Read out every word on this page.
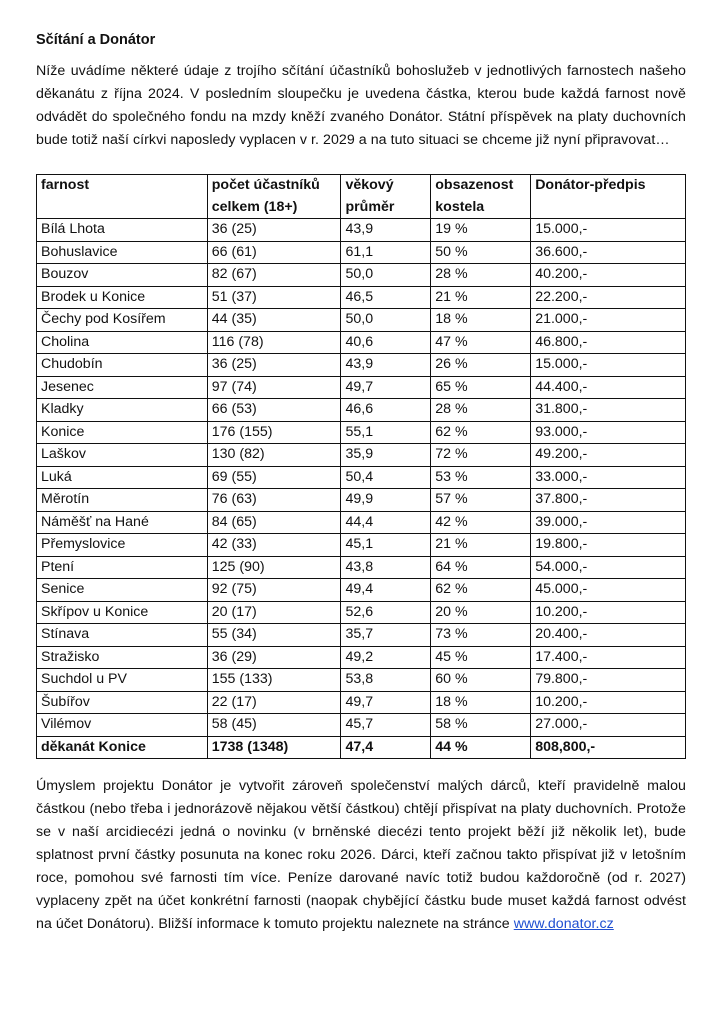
Sčítání a Donátor

Níže uvádíme některé údaje z trojího sčítání účastníků bohoslužeb v jednotlivých farnostech našeho děkanátu z října 2024. V posledním sloupečku je uvedena částka, kterou bude každá farnost nově odvádět do společného fondu na mzdy kněží zvaného Donátor. Státní příspěvek na platy duchovních bude totiž naší církvi naposledy vyplacen v r. 2029 a na tuto situaci se chceme již nyní připravovat…

farnost	počet účastníků celkem (18+)	věkový průměr	obsazenost kostela	Donátor-předpis
Bílá Lhota	36 (25)	43,9	19 %	15.000,-
Bohuslavice	66 (61)	61,1	50 %	36.600,-
Bouzov	82 (67)	50,0	28 %	40.200,-
Brodek u Konice	51 (37)	46,5	21 %	22.200,-
Čechy pod Kosířem	44 (35)	50,0	18 %	21.000,-
Cholina	116 (78)	40,6	47 %	46.800,-
Chudobín	36 (25)	43,9	26 %	15.000,-
Jesenec	97 (74)	49,7	65 %	44.400,-
Kladky	66 (53)	46,6	28 %	31.800,-
Konice	176 (155)	55,1	62 %	93.000,-
Laškov	130 (82)	35,9	72 %	49.200,-
Luká	69 (55)	50,4	53 %	33.000,-
Měrotín	76 (63)	49,9	57 %	37.800,-
Náměšť na Hané	84 (65)	44,4	42 %	39.000,-
Přemyslovice	42 (33)	45,1	21 %	19.800,-
Ptení	125 (90)	43,8	64 %	54.000,-
Senice	92 (75)	49,4	62 %	45.000,-
Skřípov u Konice	20 (17)	52,6	20 %	10.200,-
Stínava	55 (34)	35,7	73 %	20.400,-
Stražisko	36 (29)	49,2	45 %	17.400,-
Suchdol u PV	155 (133)	53,8	60 %	79.800,-
Šubířov	22 (17)	49,7	18 %	10.200,-
Vilémov	58 (45)	45,7	58 %	27.000,-
děkanát Konice	1738 (1348)	47,4	44 %	808,800,-

Úmyslem projektu Donátor je vytvořit zároveň společenství malých dárců, kteří pravidelně malou částkou (nebo třeba i jednorázově nějakou větší částkou) chtějí přispívat na platy duchovních. Protože se v naší arcidiecézi jedná o novinku (v brněnské diecézi tento projekt běží již několik let), bude splatnost první částky posunuta na konec roku 2026. Dárci, kteří začnou takto přispívat již v letošním roce, pomohou své farnosti tím více. Peníze darované navíc totiž budou každoročně (od r. 2027) vyplaceny zpět na účet konkrétní farnosti (naopak chybějící částku bude muset každá farnost odvést na účet Donátoru). Bližší informace k tomuto projektu naleznete na stránce www.donator.cz
